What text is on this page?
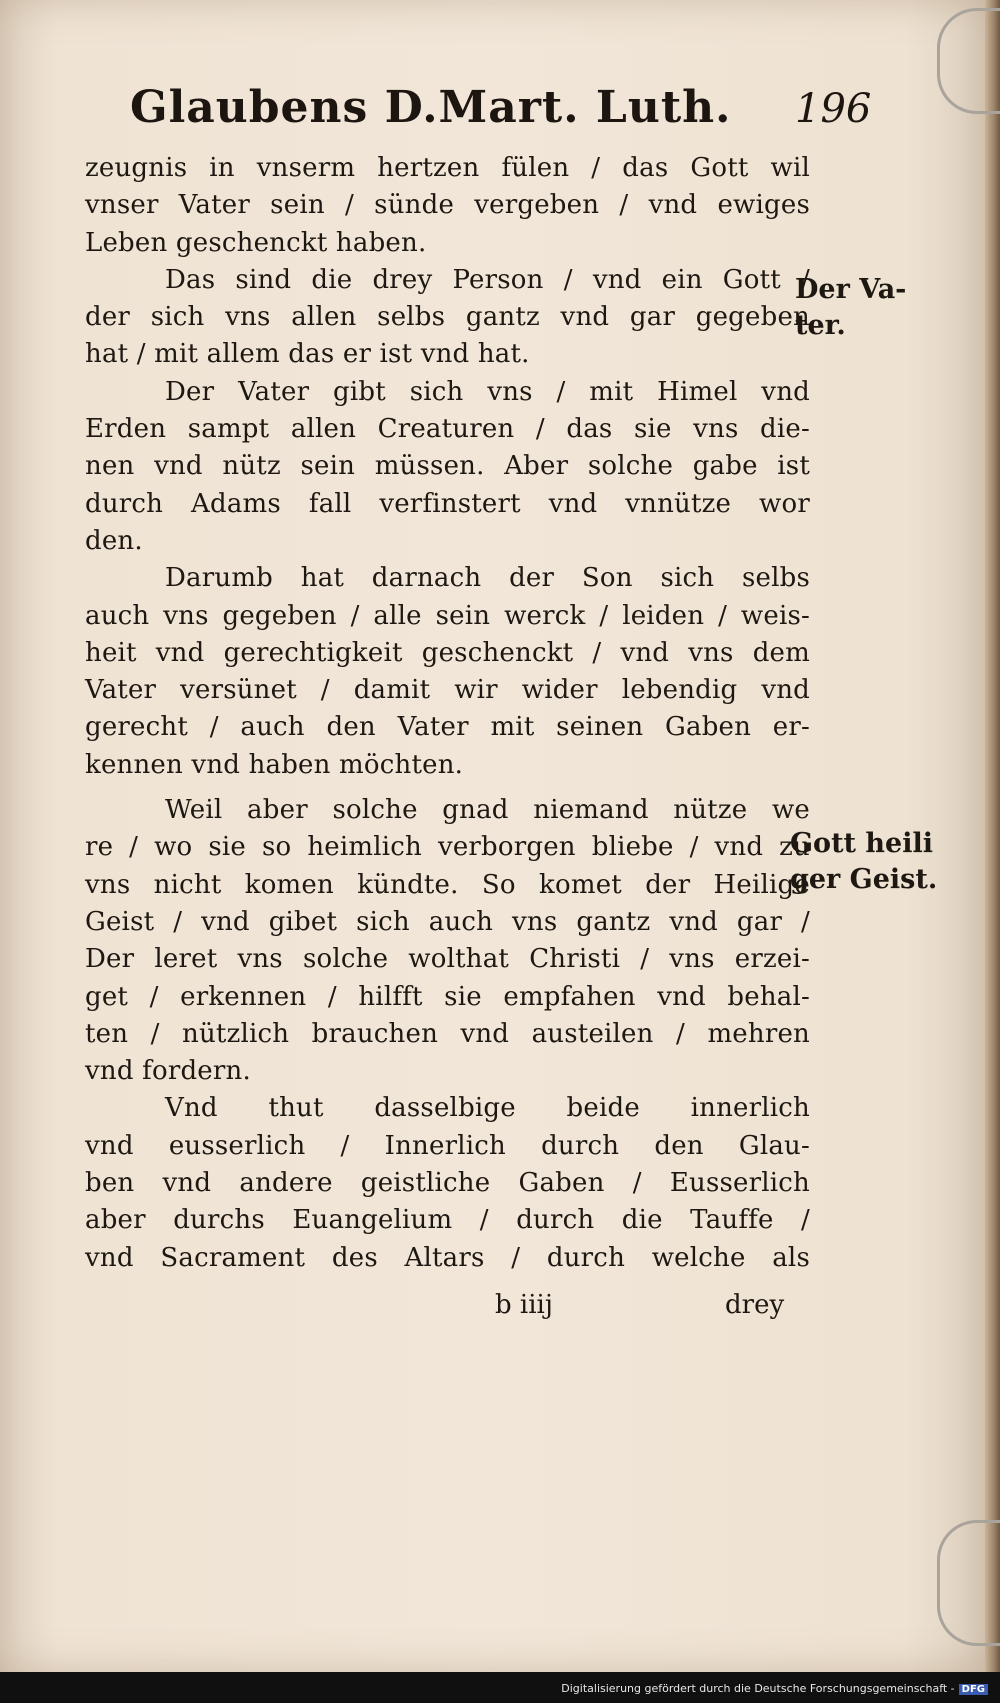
Glaubens D.Mart. Luth. 196
zeugnis in vnserm hertzen fülen / das Gott wil
vnser Vater sein / sünde vergeben / vnd ewiges
Leben geschenckt haben.
Das sind die drey Person / vnd ein Gott /
der sich vns allen selbs gantz vnd gar gegeben
hat / mit allem das er ist vnd hat.
Der Vater gibt sich vns / mit Himel vnd
Erden sampt allen Creaturen / das sie vns die-
nen vnd nütz sein müssen. Aber solche gabe ist
durch Adams fall verfinstert vnd vnnütze wor
den.
Darumb hat darnach der Son sich selbs
auch vns gegeben / alle sein werck / leiden / weis-
heit vnd gerechtigkeit geschenckt / vnd vns dem
Vater versünet / damit wir wider lebendig vnd
gerecht / auch den Vater mit seinen Gaben er-
kennen vnd haben möchten.
Weil aber solche gnad niemand nütze we
re / wo sie so heimlich verborgen bliebe / vnd zu
vns nicht komen kündte. So komet der Heilige
Geist / vnd gibet sich auch vns gantz vnd gar /
Der leret vns solche wolthat Christi / vns erzei-
get / erkennen / hilfft sie empfahen vnd behal-
ten / nützlich brauchen vnd austeilen / mehren
vnd fordern.
Vnd thut dasselbige beide innerlich
vnd eusserlich / Innerlich durch den Glau-
ben vnd andere geistliche Gaben / Eusserlich
aber durchs Euangelium / durch die Tauffe /
vnd Sacrament des Altars / durch welche als
Der Va-
ter.
Gott heili
ger Geist.
b iiij	drey
Digitalisierung gefördert durch die Deutsche Forschungsgemeinschaft - DFG
